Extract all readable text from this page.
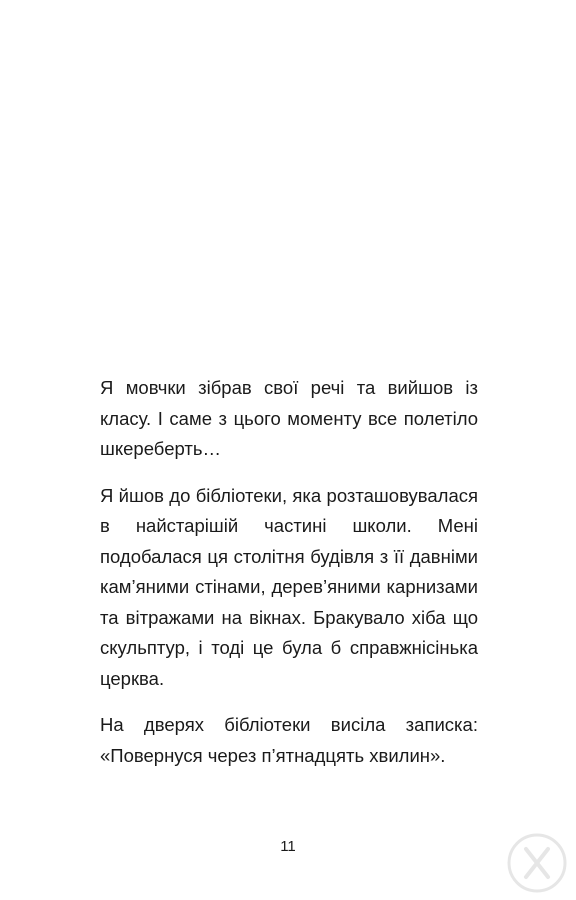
Я мовчки зібрав свої речі та вийшов із класу. І саме з цього моменту все полетіло шкереберть…

Я йшов до бібліотеки, яка розташовувалася в найстарішій частині школи. Мені подобалася ця столітня будівля з її давніми кам’яними стінами, дерев’яними карнизами та вітражами на вікнах. Бракувало хіба що скульптур, і тоді це була б справжнісінька церква.

На дверях бібліотеки висіла записка: «Повернуся через п’ятнадцять хвилин».

11
